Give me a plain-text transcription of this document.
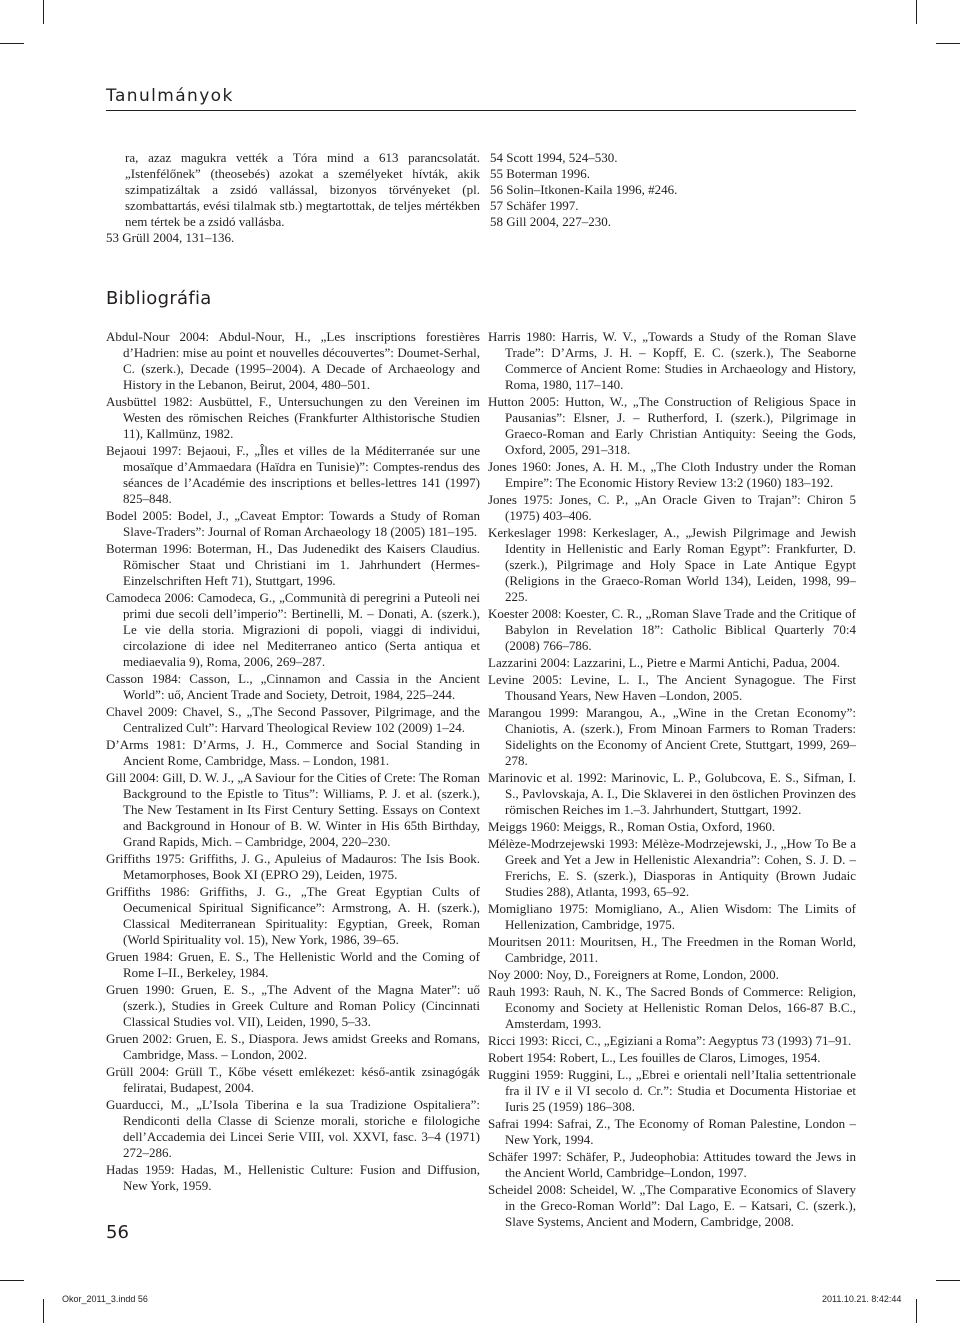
Tanulmányok

ra, azaz magukra vették a Tóra mind a 613 parancsolatát. „Istenfélőnek” (theosebés) azokat a személyeket hívták, akik szimpatizáltak a zsidó vallással, bizonyos törvényeket (pl. szombattartás, evési tilalmak stb.) megtartottak, de teljes mértékben nem tértek be a zsidó vallásba.

53 Grüll 2004, 131–136.

54 Scott 1994, 524–530.

55 Boterman 1996.

56 Solin–Itkonen-Kaila 1996, #246.

57 Schäfer 1997.

58 Gill 2004, 227–230.

Bibliográfia

Abdul-Nour 2004: Abdul-Nour, H., „Les inscriptions forestières d’Hadrien: mise au point et nouvelles découvertes”: Doumet-Serhal, C. (szerk.), Decade (1995–2004). A Decade of Archaeology and History in the Lebanon, Beirut, 2004, 480–501.

Ausbüttel 1982: Ausbüttel, F., Untersuchungen zu den Vereinen im Westen des römischen Reiches (Frankfurter Althistorische Studien 11), Kallmünz, 1982.

Bejaoui 1997: Bejaoui, F., „Îles et villes de la Méditerranée sur une mosaïque d’Ammaedara (Haïdra en Tunisie)”: Comptes-rendus des séances de l’Académie des inscriptions et belles-lettres 141 (1997) 825–848.

Bodel 2005: Bodel, J., „Caveat Emptor: Towards a Study of Roman Slave-Traders”: Journal of Roman Archaeology 18 (2005) 181–195.

Boterman 1996: Boterman, H., Das Judenedikt des Kaisers Claudius. Römischer Staat und Christiani im 1. Jahrhundert (Hermes-Einzelschriften Heft 71), Stuttgart, 1996.

Camodeca 2006: Camodeca, G., „Communità di peregrini a Puteoli nei primi due secoli dell’imperio”: Bertinelli, M. – Donati, A. (szerk.), Le vie della storia. Migrazioni di popoli, viaggi di individui, circolazione di idee nel Mediterraneo antico (Serta antiqua et mediaevalia 9), Roma, 2006, 269–287.

Casson 1984: Casson, L., „Cinnamon and Cassia in the Ancient World”: uő, Ancient Trade and Society, Detroit, 1984, 225–244.

Chavel 2009: Chavel, S., „The Second Passover, Pilgrimage, and the Centralized Cult”: Harvard Theological Review 102 (2009) 1–24.

D’Arms 1981: D’Arms, J. H., Commerce and Social Standing in Ancient Rome, Cambridge, Mass. – London, 1981.

Gill 2004: Gill, D. W. J., „A Saviour for the Cities of Crete: The Roman Background to the Epistle to Titus”: Williams, P. J. et al. (szerk.), The New Testament in Its First Century Setting. Essays on Context and Background in Honour of B. W. Winter in His 65th Birthday, Grand Rapids, Mich. – Cambridge, 2004, 220–230.

Griffiths 1975: Griffiths, J. G., Apuleius of Madauros: The Isis Book. Metamorphoses, Book XI (EPRO 29), Leiden, 1975.

Griffiths 1986: Griffiths, J. G., „The Great Egyptian Cults of Oecumenical Spiritual Significance”: Armstrong, A. H. (szerk.), Classical Mediterranean Spirituality: Egyptian, Greek, Roman (World Spirituality vol. 15), New York, 1986, 39–65.

Gruen 1984: Gruen, E. S., The Hellenistic World and the Coming of Rome I–II., Berkeley, 1984.

Gruen 1990: Gruen, E. S., „The Advent of the Magna Mater”: uő (szerk.), Studies in Greek Culture and Roman Policy (Cincinnati Classical Studies vol. VII), Leiden, 1990, 5–33.

Gruen 2002: Gruen, E. S., Diaspora. Jews amidst Greeks and Romans, Cambridge, Mass. – London, 2002.

Grüll 2004: Grüll T., Kőbe vésett emlékezet: késő-antik zsinagógák feliratai, Budapest, 2004.

Guarducci, M., „L’Isola Tiberina e la sua Tradizione Ospitaliera”: Rendiconti della Classe di Scienze morali, storiche e filologiche dell’Accademia dei Lincei Serie VIII, vol. XXVI, fasc. 3–4 (1971) 272–286.

Hadas 1959: Hadas, M., Hellenistic Culture: Fusion and Diffusion, New York, 1959.

Harris 1980: Harris, W. V., „Towards a Study of the Roman Slave Trade”: D’Arms, J. H. – Kopff, E. C. (szerk.), The Seaborne Commerce of Ancient Rome: Studies in Archaeology and History, Roma, 1980, 117–140.

Hutton 2005: Hutton, W., „The Construction of Religious Space in Pausanias”: Elsner, J. – Rutherford, I. (szerk.), Pilgrimage in Graeco-Roman and Early Christian Antiquity: Seeing the Gods, Oxford, 2005, 291–318.

Jones 1960: Jones, A. H. M., „The Cloth Industry under the Roman Empire”: The Economic History Review 13:2 (1960) 183–192.

Jones 1975: Jones, C. P., „An Oracle Given to Trajan”: Chiron 5 (1975) 403–406.

Kerkeslager 1998: Kerkeslager, A., „Jewish Pilgrimage and Jewish Identity in Hellenistic and Early Roman Egypt”: Frankfurter, D. (szerk.), Pilgrimage and Holy Space in Late Antique Egypt (Religions in the Graeco-Roman World 134), Leiden, 1998, 99–225.

Koester 2008: Koester, C. R., „Roman Slave Trade and the Critique of Babylon in Revelation 18”: Catholic Biblical Quarterly 70:4 (2008) 766–786.

Lazzarini 2004: Lazzarini, L., Pietre e Marmi Antichi, Padua, 2004.

Levine 2005: Levine, L. I., The Ancient Synagogue. The First Thousand Years, New Haven –London, 2005.

Marangou 1999: Marangou, A., „Wine in the Cretan Economy”: Chaniotis, A. (szerk.), From Minoan Farmers to Roman Traders: Sidelights on the Economy of Ancient Crete, Stuttgart, 1999, 269–278.

Marinovic et al. 1992: Marinovic, L. P., Golubcova, E. S., Sifman, I. S., Pavlovskaja, A. I., Die Sklaverei in den östlichen Provinzen des römischen Reiches im 1.–3. Jahrhundert, Stuttgart, 1992.

Meiggs 1960: Meiggs, R., Roman Ostia, Oxford, 1960.

Mélèze-Modrzejewski 1993: Mélèze-Modrzejewski, J., „How To Be a Greek and Yet a Jew in Hellenistic Alexandria”: Cohen, S. J. D. – Frerichs, E. S. (szerk.), Diasporas in Antiquity (Brown Judaic Studies 288), Atlanta, 1993, 65–92.

Momigliano 1975: Momigliano, A., Alien Wisdom: The Limits of Hellenization, Cambridge, 1975.

Mouritsen 2011: Mouritsen, H., The Freedmen in the Roman World, Cambridge, 2011.

Noy 2000: Noy, D., Foreigners at Rome, London, 2000.

Rauh 1993: Rauh, N. K., The Sacred Bonds of Commerce: Religion, Economy and Society at Hellenistic Roman Delos, 166-87 B.C., Amsterdam, 1993.

Ricci 1993: Ricci, C., „Egiziani a Roma”: Aegyptus 73 (1993) 71–91.

Robert 1954: Robert, L., Les fouilles de Claros, Limoges, 1954.

Ruggini 1959: Ruggini, L., „Ebrei e orientali nell’Italia settentrionale fra il IV e il VI secolo d. Cr.”: Studia et Documenta Historiae et Iuris 25 (1959) 186–308.

Safrai 1994: Safrai, Z., The Economy of Roman Palestine, London – New York, 1994.

Schäfer 1997: Schäfer, P., Judeophobia: Attitudes toward the Jews in the Ancient World, Cambridge–London, 1997.

Scheidel 2008: Scheidel, W. „The Comparative Economics of Slavery in the Greco-Roman World”: Dal Lago, E. – Katsari, C. (szerk.), Slave Systems, Ancient and Modern, Cambridge, 2008.

56

Okor_2011_3.indd 56	2011.10.21. 8:42:44
